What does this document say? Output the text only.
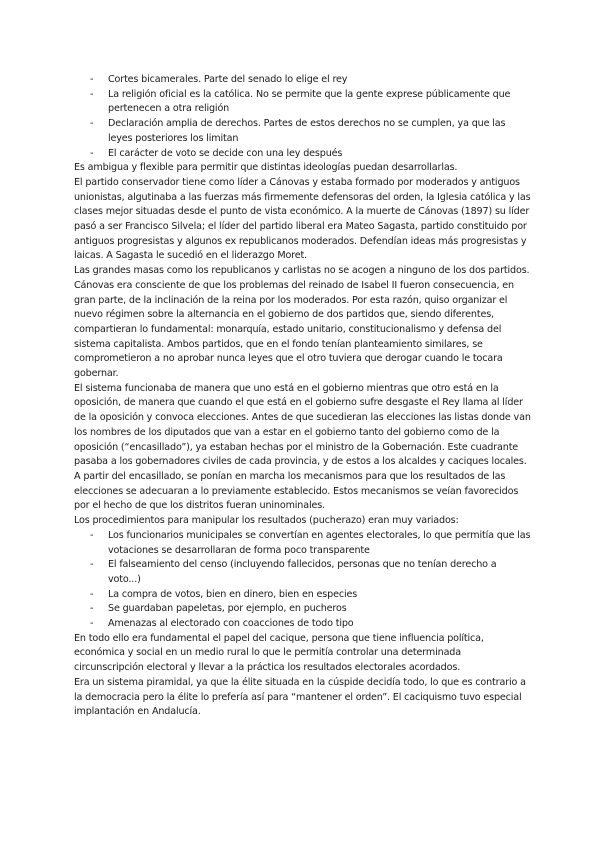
- Cortes bicamerales. Parte del senado lo elige el rey
- La religión oficial es la católica. No se permite que la gente exprese públicamente que pertenecen a otra religión
- Declaración amplia de derechos. Partes de estos derechos no se cumplen, ya que las leyes posteriores los limitan
- El carácter de voto se decide con una ley después

Es ambigua y flexible para permitir que distintas ideologías puedan desarrollarlas.

El partido conservador tiene como líder a Cánovas y estaba formado por moderados y antiguos unionistas, algutinaba a las fuerzas más firmemente defensoras del orden, la Iglesia católica y las clases mejor situadas desde el punto de vista económico. A la muerte de Cánovas (1897) su líder pasó a ser Francisco Silvela; el líder del partido liberal era Mateo Sagasta, partido constituido por antiguos progresistas y algunos ex republicanos moderados. Defendían ideas más progresistas y laicas. A Sagasta le sucedió en el liderazgo Moret.

Las grandes masas como los republicanos y carlistas no se acogen a ninguno de los dos partidos.

Cánovas era consciente de que los problemas del reinado de Isabel II fueron consecuencia, en gran parte, de la inclinación de la reina por los moderados. Por esta razón, quiso organizar el nuevo régimen sobre la alternancia en el gobierno de dos partidos que, siendo diferentes, compartieran lo fundamental: monarquía, estado unitario, constitucionalismo y defensa del sistema capitalista. Ambos partidos, que en el fondo tenían planteamiento similares, se comprometieron a no aprobar nunca leyes que el otro tuviera que derogar cuando le tocara gobernar.

El sistema funcionaba de manera que uno está en el gobierno mientras que otro está en la oposición, de manera que cuando el que está en el gobierno sufre desgaste el Rey llama al líder de la oposición y convoca elecciones. Antes de que sucedieran las elecciones las listas donde van los nombres de los diputados que van a estar en el gobierno tanto del gobierno como de la oposición (“encasillado”), ya estaban hechas por el ministro de la Gobernación. Este cuadrante pasaba a los gobernadores civiles de cada provincia, y de estos a los alcaldes y caciques locales. A partir del encasillado, se ponían en marcha los mecanismos para que los resultados de las elecciones se adecuaran a lo previamente establecido. Estos mecanismos se veían favorecidos por el hecho de que los distritos fueran uninominales.

Los procedimientos para manipular los resultados (pucherazo) eran muy variados:

- Los funcionarios municipales se convertían en agentes electorales, lo que permitía que las votaciones se desarrollaran de forma poco transparente
- El falseamiento del censo (incluyendo fallecidos, personas que no tenían derecho a voto...)
- La compra de votos, bien en dinero, bien en especies
- Se guardaban papeletas, por ejemplo, en pucheros
- Amenazas al electorado con coacciones de todo tipo

En todo ello era fundamental el papel del cacique, persona que tiene influencia política, económica y social en un medio rural lo que le permitía controlar una determinada circunscripción electoral y llevar a la práctica los resultados electorales acordados.

Era un sistema piramidal, ya que la élite situada en la cúspide decidía todo, lo que es contrario a la democracia pero la élite lo prefería así para “mantener el orden”. El caciquismo tuvo especial implantación en Andalucía.
